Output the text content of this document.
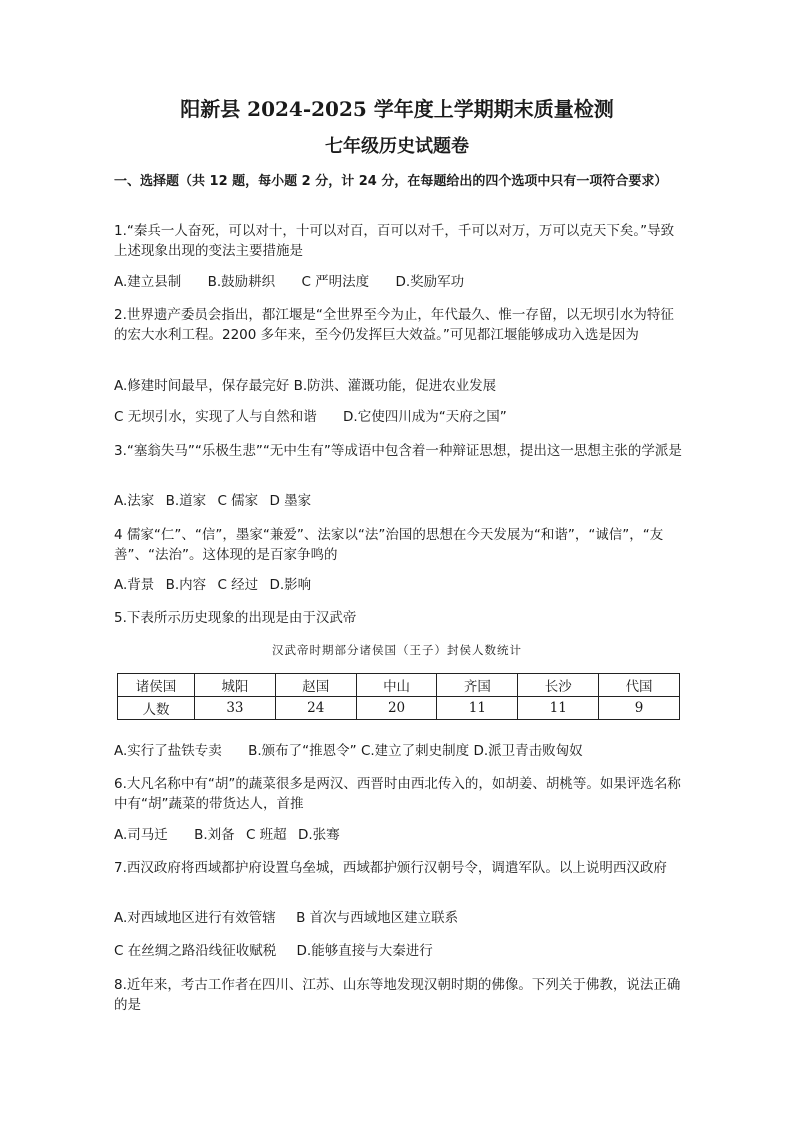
阳新县 2024-2025 学年度上学期期末质量检测
七年级历史试题卷
一、选择题（共 12 题，每小题 2 分，计 24 分，在每题给出的四个选项中只有一项符合要求）
1.“秦兵一人奋死，可以对十，十可以对百，百可以对千，千可以对万，万可以克天下矣。”导致上述现象出现的变法主要措施是
A.建立县制 B.鼓励耕织 C 严明法度 D.奖励军功
2.世界遗产委员会指出，都江堰是“全世界至今为止，年代最久、惟一存留，以无坝引水为特征的宏大水利工程。2200 多年来，至今仍发挥巨大效益。”可见都江堰能够成功入选是因为
A.修建时间最早，保存最完好 B.防洪、灌溉功能，促进农业发展
C 无坝引水，实现了人与自然和谐 D.它使四川成为“天府之国”
3.“塞翁失马”“乐极生悲”“无中生有”等成语中包含着一种辩证思想，提出这一思想主张的学派是
A.法家 B.道家 C 儒家 D 墨家
4 儒家“仁”、“信”，墨家“兼爱”、法家以“法”治国的思想在今天发展为“和谐”，“诚信”，“友善”、“法治”。这体现的是百家争鸣的
A.背景 B.内容 C 经过 D.影响
5.下表所示历史现象的出现是由于汉武帝
汉武帝时期部分诸侯国（王子）封侯人数统计
诸侯国	城阳	赵国	中山	齐国	长沙	代国
人数	33	24	20	11	11	9
A.实行了盐铁专卖 B.颁布了“推恩令” C.建立了刺史制度 D.派卫青击败匈奴
6.大凡名称中有“胡”的蔬菜很多是两汉、西晋时由西北传入的，如胡姜、胡桃等。如果评选名称中有“胡”蔬菜的带货达人，首推
A.司马迁 B.刘备 C 班超 D.张骞
7.西汉政府将西域都护府设置乌垒城，西域都护颁行汉朝号令，调遣军队。以上说明西汉政府
A.对西域地区进行有效管辖 B 首次与西域地区建立联系
C 在丝绸之路沿线征收赋税 D.能够直接与大秦进行
8.近年来，考古工作者在四川、江苏、山东等地发现汉朝时期的佛像。下列关于佛教，说法正确的是
